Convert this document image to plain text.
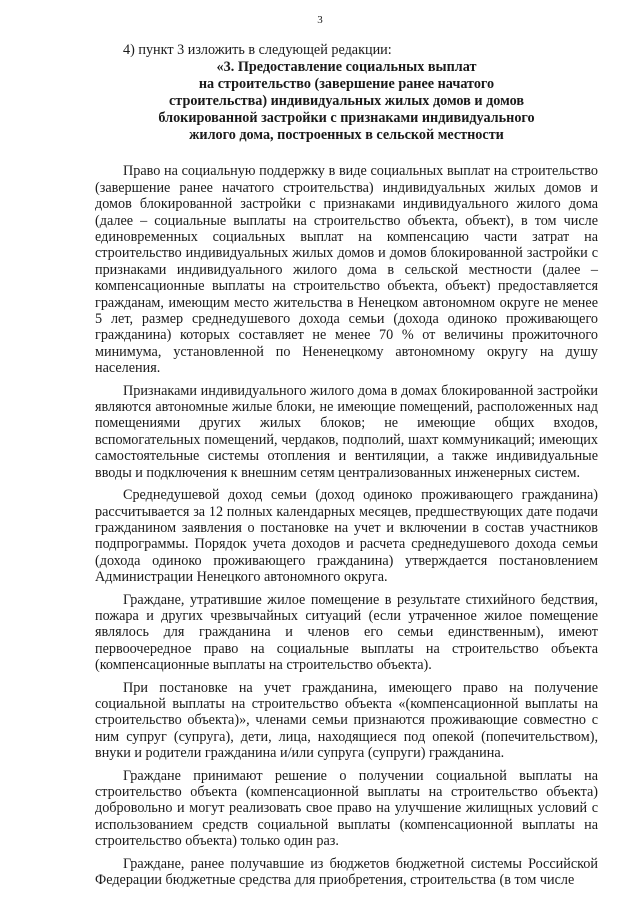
3

4) пункт 3 изложить в следующей редакции:

«3. Предоставление социальных выплат
на строительство (завершение ранее начатого
строительства) индивидуальных жилых домов и домов
блокированной застройки с признаками индивидуального
жилого дома, построенных в сельской местности

Право на социальную поддержку в виде социальных выплат на строительство (завершение ранее начатого строительства) индивидуальных жилых домов и домов блокированной застройки с признаками индивидуального жилого дома (далее – социальные выплаты на строительство объекта, объект), в том числе единовременных социальных выплат на компенсацию части затрат на строительство индивидуальных жилых домов и домов блокированной застройки с признаками индивидуального жилого дома в сельской местности (далее – компенсационные выплаты на строительство объекта, объект) предоставляется гражданам, имеющим место жительства в Ненецком автономном округе не менее 5 лет, размер среднедушевого дохода семьи (дохода одиноко проживающего гражданина) которых составляет не менее 70 % от величины прожиточного минимума, установленной по Нененецкому автономному округу на душу населения.

Признаками индивидуального жилого дома в домах блокированной застройки являются автономные жилые блоки, не имеющие помещений, расположенных над помещениями других жилых блоков; не имеющие общих входов, вспомогательных помещений, чердаков, подполий, шахт коммуникаций; имеющих самостоятельные системы отопления и вентиляции, а также индивидуальные вводы и подключения к внешним сетям централизованных инженерных систем.

Среднедушевой доход семьи (доход одиноко проживающего гражданина) рассчитывается за 12 полных календарных месяцев, предшествующих дате подачи гражданином заявления о постановке на учет и включении в состав участников подпрограммы. Порядок учета доходов и расчета среднедушевого дохода семьи (дохода одиноко проживающего гражданина) утверждается постановлением Администрации Ненецкого автономного округа.

Граждане, утратившие жилое помещение в результате стихийного бедствия, пожара и других чрезвычайных ситуаций (если утраченное жилое помещение являлось для гражданина и членов его семьи единственным), имеют первоочередное право на социальные выплаты на строительство объекта (компенсационные выплаты на строительство объекта).

При постановке на учет гражданина, имеющего право на получение социальной выплаты на строительство объекта «(компенсационной выплаты на строительство объекта)», членами семьи признаются проживающие совместно с ним супруг (супруга), дети, лица, находящиеся под опекой (попечительством), внуки и родители гражданина и/или супруга (супруги) гражданина.

Граждане принимают решение о получении социальной выплаты на строительство объекта (компенсационной выплаты на строительство объекта) добровольно и могут реализовать свое право на улучшение жилищных условий с использованием средств социальной выплаты (компенсационной выплаты на строительство объекта) только один раз.

Граждане, ранее получавшие из бюджетов бюджетной системы Российской Федерации бюджетные средства для приобретения, строительства (в том числе
